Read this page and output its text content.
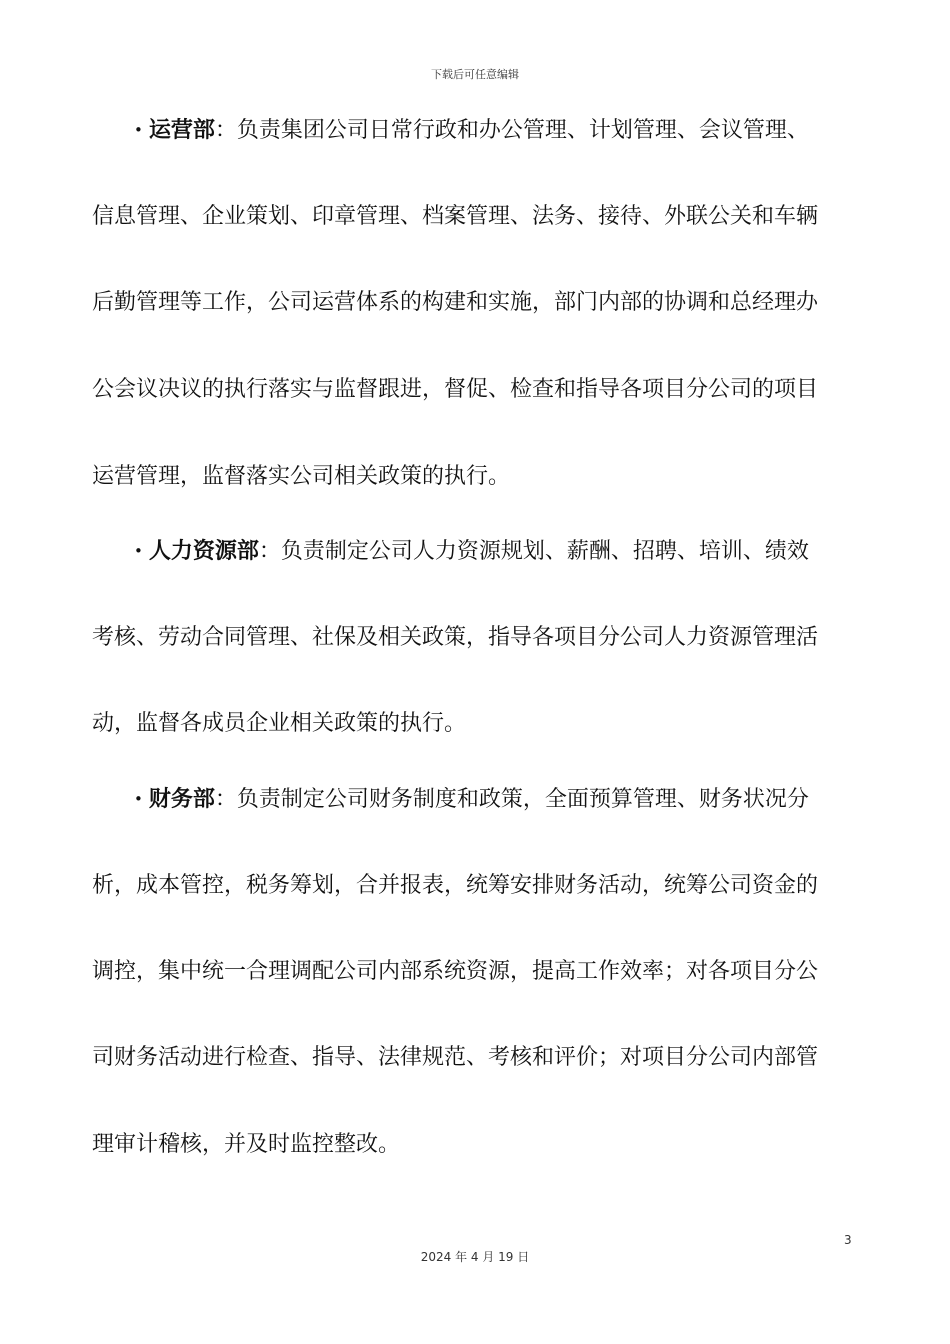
下载后可任意编辑
• 运营部：负责集团公司日常行政和办公管理、计划管理、会议管理、
信息管理、企业策划、印章管理、档案管理、法务、接待、外联公关和车辆
后勤管理等工作，公司运营体系的构建和实施，部门内部的协调和总经理办
公会议决议的执行落实与监督跟进，督促、检查和指导各项目分公司的项目
运营管理，监督落实公司相关政策的执行。
• 人力资源部：负责制定公司人力资源规划、薪酬、招聘、培训、绩效
考核、劳动合同管理、社保及相关政策，指导各项目分公司人力资源管理活
动，监督各成员企业相关政策的执行。
• 财务部：负责制定公司财务制度和政策，全面预算管理、财务状况分
析，成本管控，税务筹划，合并报表，统筹安排财务活动，统筹公司资金的
调控，集中统一合理调配公司内部系统资源，提高工作效率；对各项目分公
司财务活动进行检查、指导、法律规范、考核和评价；对项目分公司内部管
理审计稽核，并及时监控整改。
3
2024 年 4 月 19 日
